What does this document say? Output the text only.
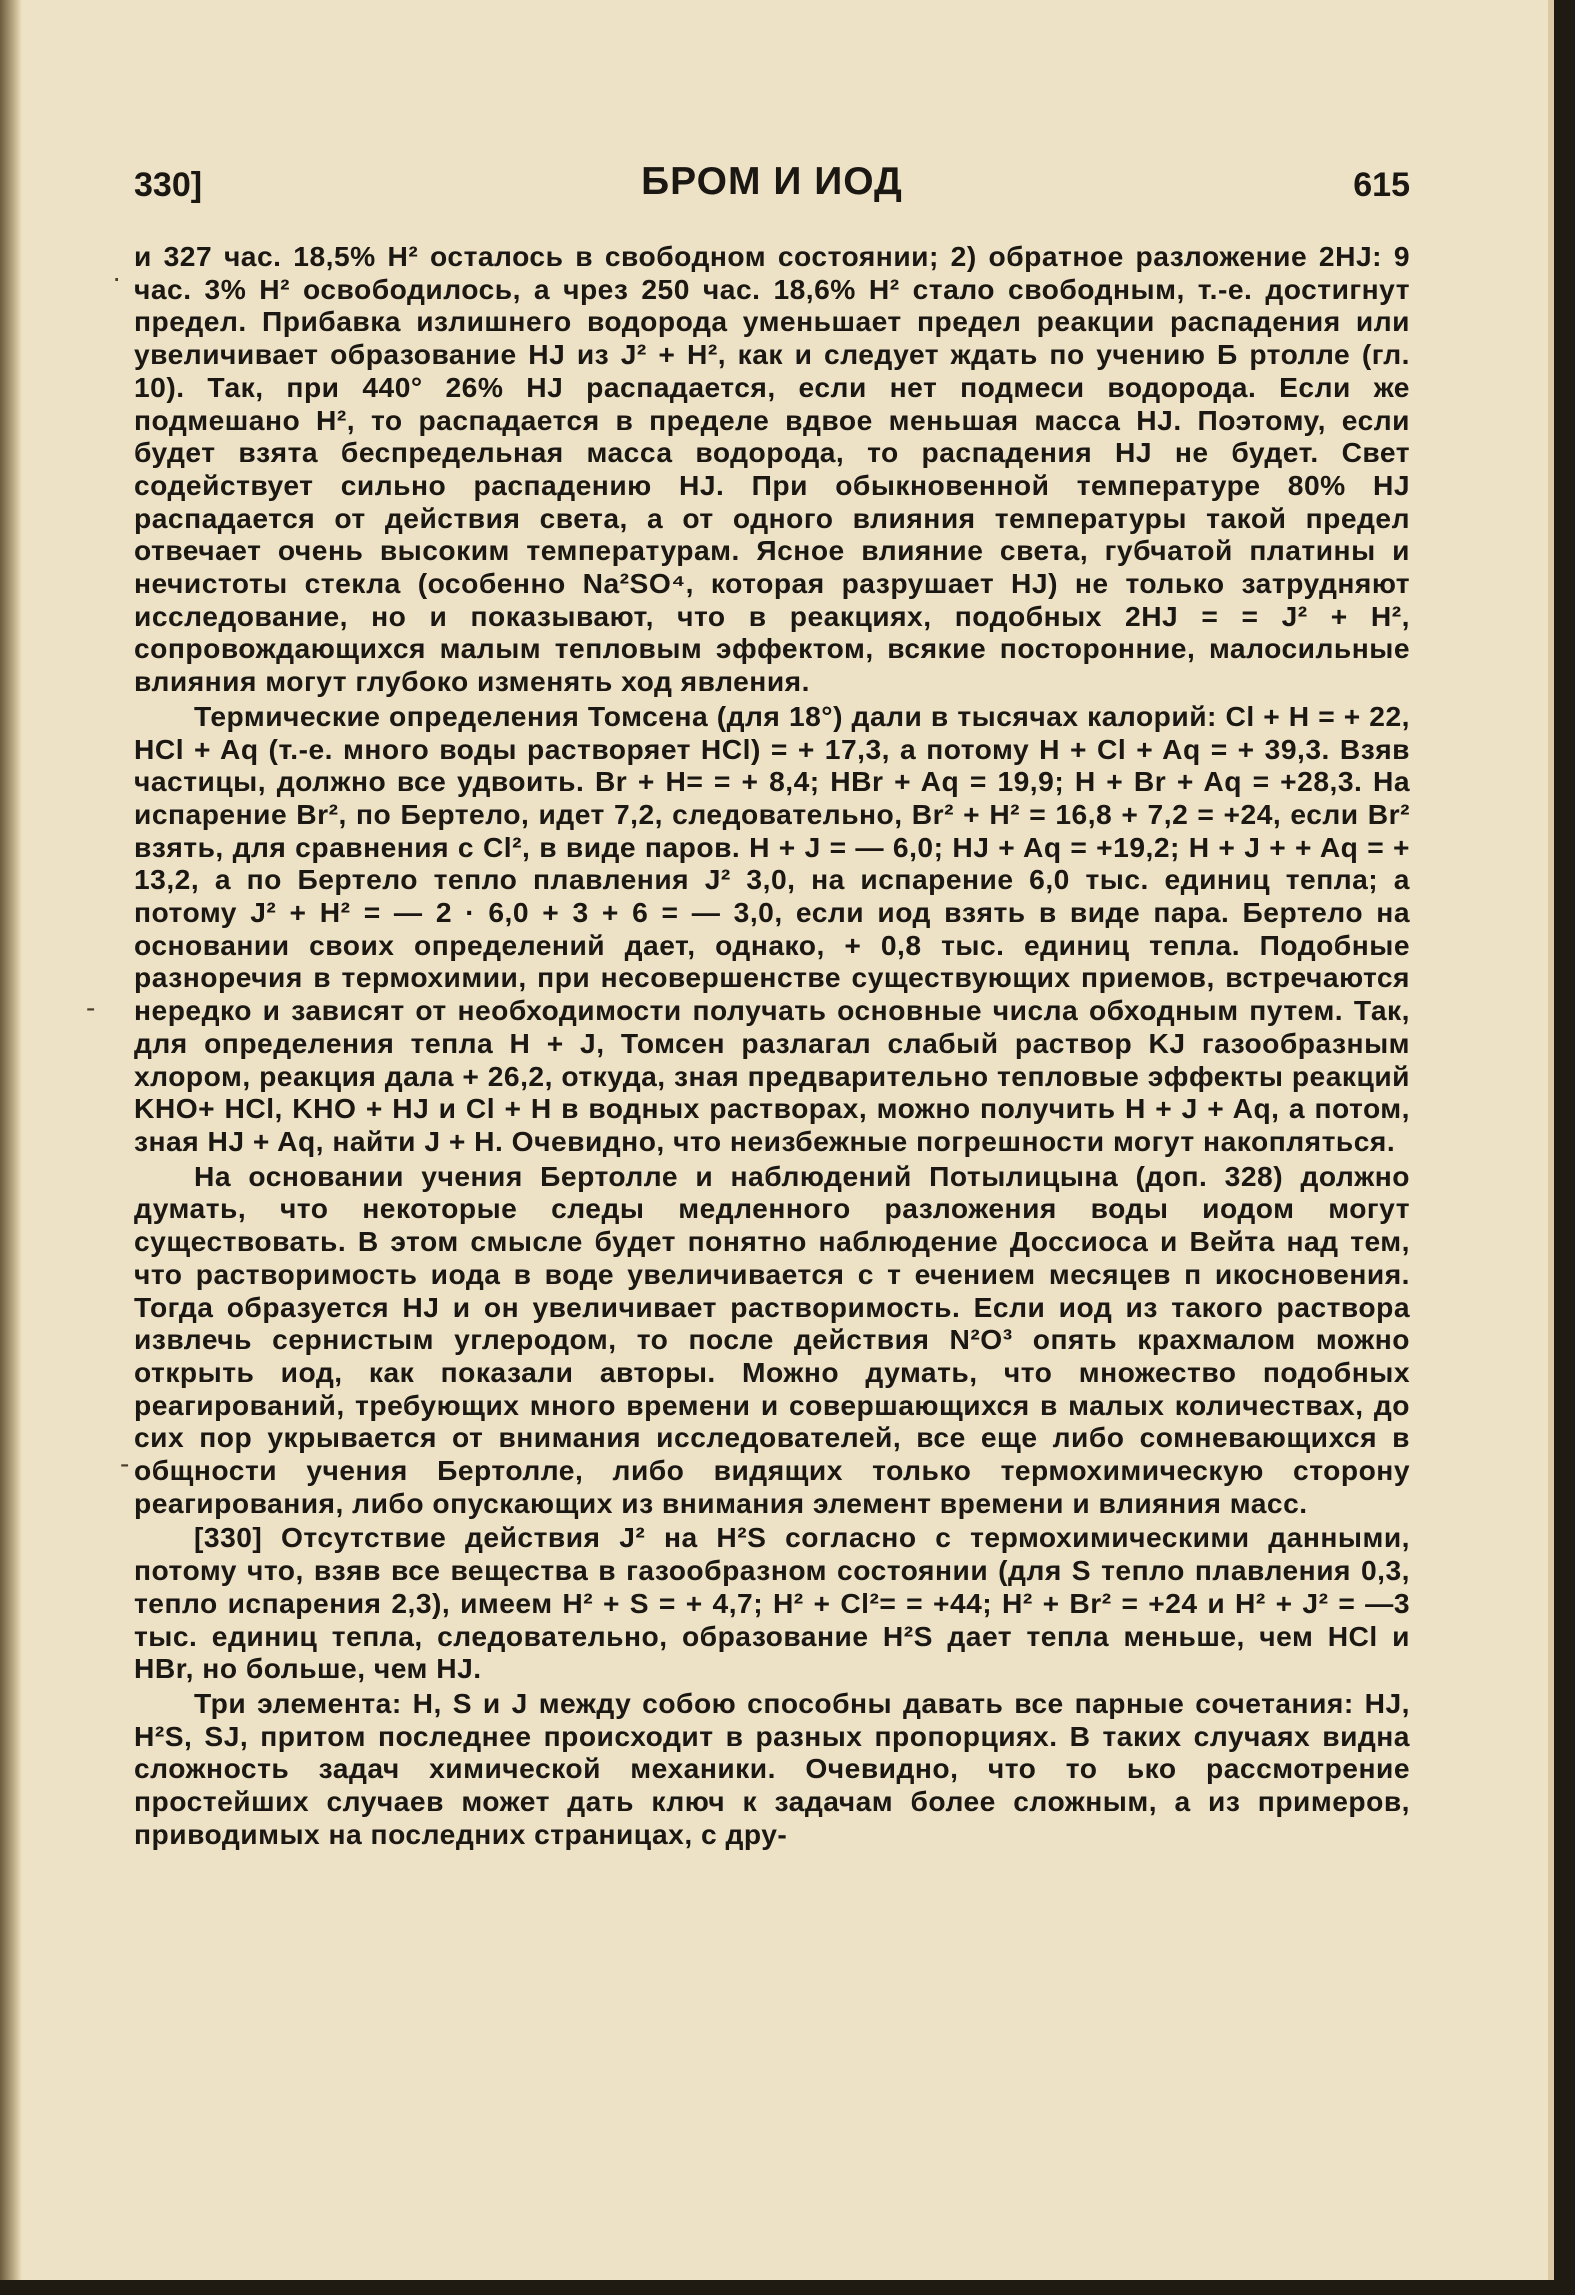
330]	БРОМ И ИОД	615
·
-
-

и 327 час. 18,5% H² осталось в свободном состоянии; 2) обратное разложение 2HJ: 9 час. 3% H² освободилось, а чрез 250 час. 18,6% H² стало свободным, т.-е. достигнут предел. Прибавка излишнего водорода уменьшает предел реакции распадения или увеличивает образование HJ из J² + H², как и следует ждать по учению Б ртолле (гл. 10). Так, при 440° 26% HJ распадается, если нет подмеси водорода. Если же подмешано H², то распадается в пределе вдвое меньшая масса HJ. Поэтому, если будет взята беспредельная масса водорода, то распадения HJ не будет. Свет содействует сильно распадению HJ. При обыкновенной температуре 80% HJ распадается от действия света, а от одного влияния температуры такой предел отвечает очень высоким температурам. Ясное влияние света, губчатой платины и нечистоты стекла (особенно Na²SO⁴, которая разрушает HJ) не только затрудняют исследование, но и показывают, что в реакциях, подобных 2HJ = = J² + H², сопровождающихся малым тепловым эффектом, всякие посторонние, малосильные влияния могут глубоко изменять ход явления.

Термические определения Томсена (для 18°) дали в тысячах калорий: Cl + H = + 22, HCl + Aq (т.-е. много воды растворяет HCl) = + 17,3, а потому H + Cl + Aq = + 39,3. Взяв частицы, должно все удвоить. Br + H= = + 8,4; HBr + Aq = 19,9; H + Br + Aq = +28,3. На испарение Br², по Бертело, идет 7,2, следовательно, Br² + H² = 16,8 + 7,2 = +24, если Br² взять, для сравнения с Cl², в виде паров. H + J = — 6,0; HJ + Aq = +19,2; H + J + + Aq = + 13,2, а по Бертело тепло плавления J² 3,0, на испарение 6,0 тыс. единиц тепла; а потому J² + H² = — 2 · 6,0 + 3 + 6 = — 3,0, если иод взять в виде пара. Бертело на основании своих определений дает, однако, + 0,8 тыс. единиц тепла. Подобные разноречия в термохимии, при несовершенстве существующих приемов, встречаются нередко и зависят от необходимости получать основные числа обходным путем. Так, для определения тепла H + J, Томсен разлагал слабый раствор KJ газообразным хлором, реакция дала + 26,2, откуда, зная предварительно тепловые эффекты реакций KHO+ HCl, KHO + HJ и Cl + H в водных растворах, можно получить H + J + Aq, а потом, зная HJ + Aq, найти J + H. Очевидно, что неизбежные погрешности могут накопляться.

На основании учения Бертолле и наблюдений Потылицына (доп. 328) должно думать, что некоторые следы медленного разложения воды иодом могут существовать. В этом смысле будет понятно наблюдение Доссиоса и Вейта над тем, что растворимость иода в воде увеличивается с т ечением месяцев п икосновения. Тогда образуется HJ и он увеличивает растворимость. Если иод из такого раствора извлечь сернистым углеродом, то после действия N²O³ опять крахмалом можно открыть иод, как показали авторы. Можно думать, что множество подобных реагирований, требующих много времени и совершающихся в малых количествах, до сих пор укрывается от внимания исследователей, все еще либо сомневающихся в общности учения Бертолле, либо видящих только термохимическую сторону реагирования, либо опускающих из внимания элемент времени и влияния масс.

[330] Отсутствие действия J² на H²S согласно с термохимическими данными, потому что, взяв все вещества в газообразном состоянии (для S тепло плавления 0,3, тепло испарения 2,3), имеем H² + S = + 4,7; H² + Cl²= = +44; H² + Br² = +24 и H² + J² = —3 тыс. единиц тепла, следовательно, образование H²S дает тепла меньше, чем HCl и HBr, но больше, чем HJ.

Три элемента: H, S и J между собою способны давать все парные сочетания: HJ, H²S, SJ, притом последнее происходит в разных пропорциях. В таких случаях видна сложность задач химической механики. Очевидно, что то ько рассмотрение простейших случаев может дать ключ к задачам более сложным, а из примеров, приводимых на последних страницах, с дру-
